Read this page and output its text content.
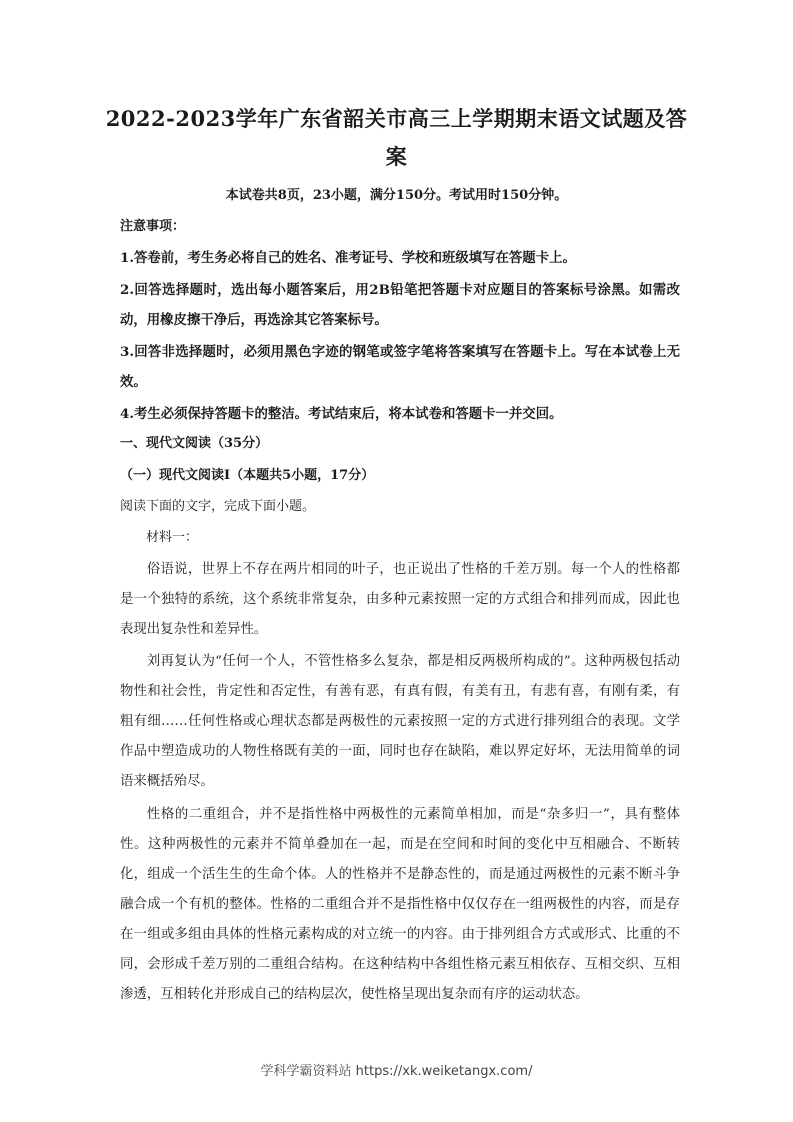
2022-2023学年广东省韶关市高三上学期期末语文试题及答案
本试卷共8页，23小题，满分150分。考试用时150分钟。
注意事项：
1.答卷前，考生务必将自己的姓名、准考证号、学校和班级填写在答题卡上。
2.回答选择题时，选出每小题答案后，用2B铅笔把答题卡对应题目的答案标号涂黑。如需改动，用橡皮擦干净后，再选涂其它答案标号。
3.回答非选择题时，必须用黑色字迹的钢笔或签字笔将答案填写在答题卡上。写在本试卷上无效。
4.考生必须保持答题卡的整洁。考试结束后，将本试卷和答题卡一并交回。
一、现代文阅读（35分）
（一）现代文阅读Ⅰ（本题共5小题，17分）
阅读下面的文字，完成下面小题。
材料一：
俗语说，世界上不存在两片相同的叶子，也正说出了性格的千差万别。每一个人的性格都是一个独特的系统，这个系统非常复杂，由多种元素按照一定的方式组合和排列而成，因此也表现出复杂性和差异性。
刘再复认为“任何一个人，不管性格多么复杂，都是相反两极所构成的”。这种两极包括动物性和社会性，肯定性和否定性，有善有恶，有真有假，有美有丑，有悲有喜，有刚有柔，有粗有细……任何性格或心理状态都是两极性的元素按照一定的方式进行排列组合的表现。文学作品中塑造成功的人物性格既有美的一面，同时也存在缺陷，难以界定好坏，无法用简单的词语来概括殆尽。
性格的二重组合，并不是指性格中两极性的元素简单相加，而是“杂多归一”，具有整体性。这种两极性的元素并不简单叠加在一起，而是在空间和时间的变化中互相融合、不断转化，组成一个活生生的生命个体。人的性格并不是静态性的，而是通过两极性的元素不断斗争融合成一个有机的整体。性格的二重组合并不是指性格中仅仅存在一组两极性的内容，而是存在一组或多组由具体的性格元素构成的对立统一的内容。由于排列组合方式或形式、比重的不同，会形成千差万别的二重组合结构。在这种结构中各组性格元素互相依存、互相交织、互相渗透，互相转化并形成自己的结构层次，使性格呈现出复杂而有序的运动状态。
学科学霸资料站 https://xk.weiketangx.com/
